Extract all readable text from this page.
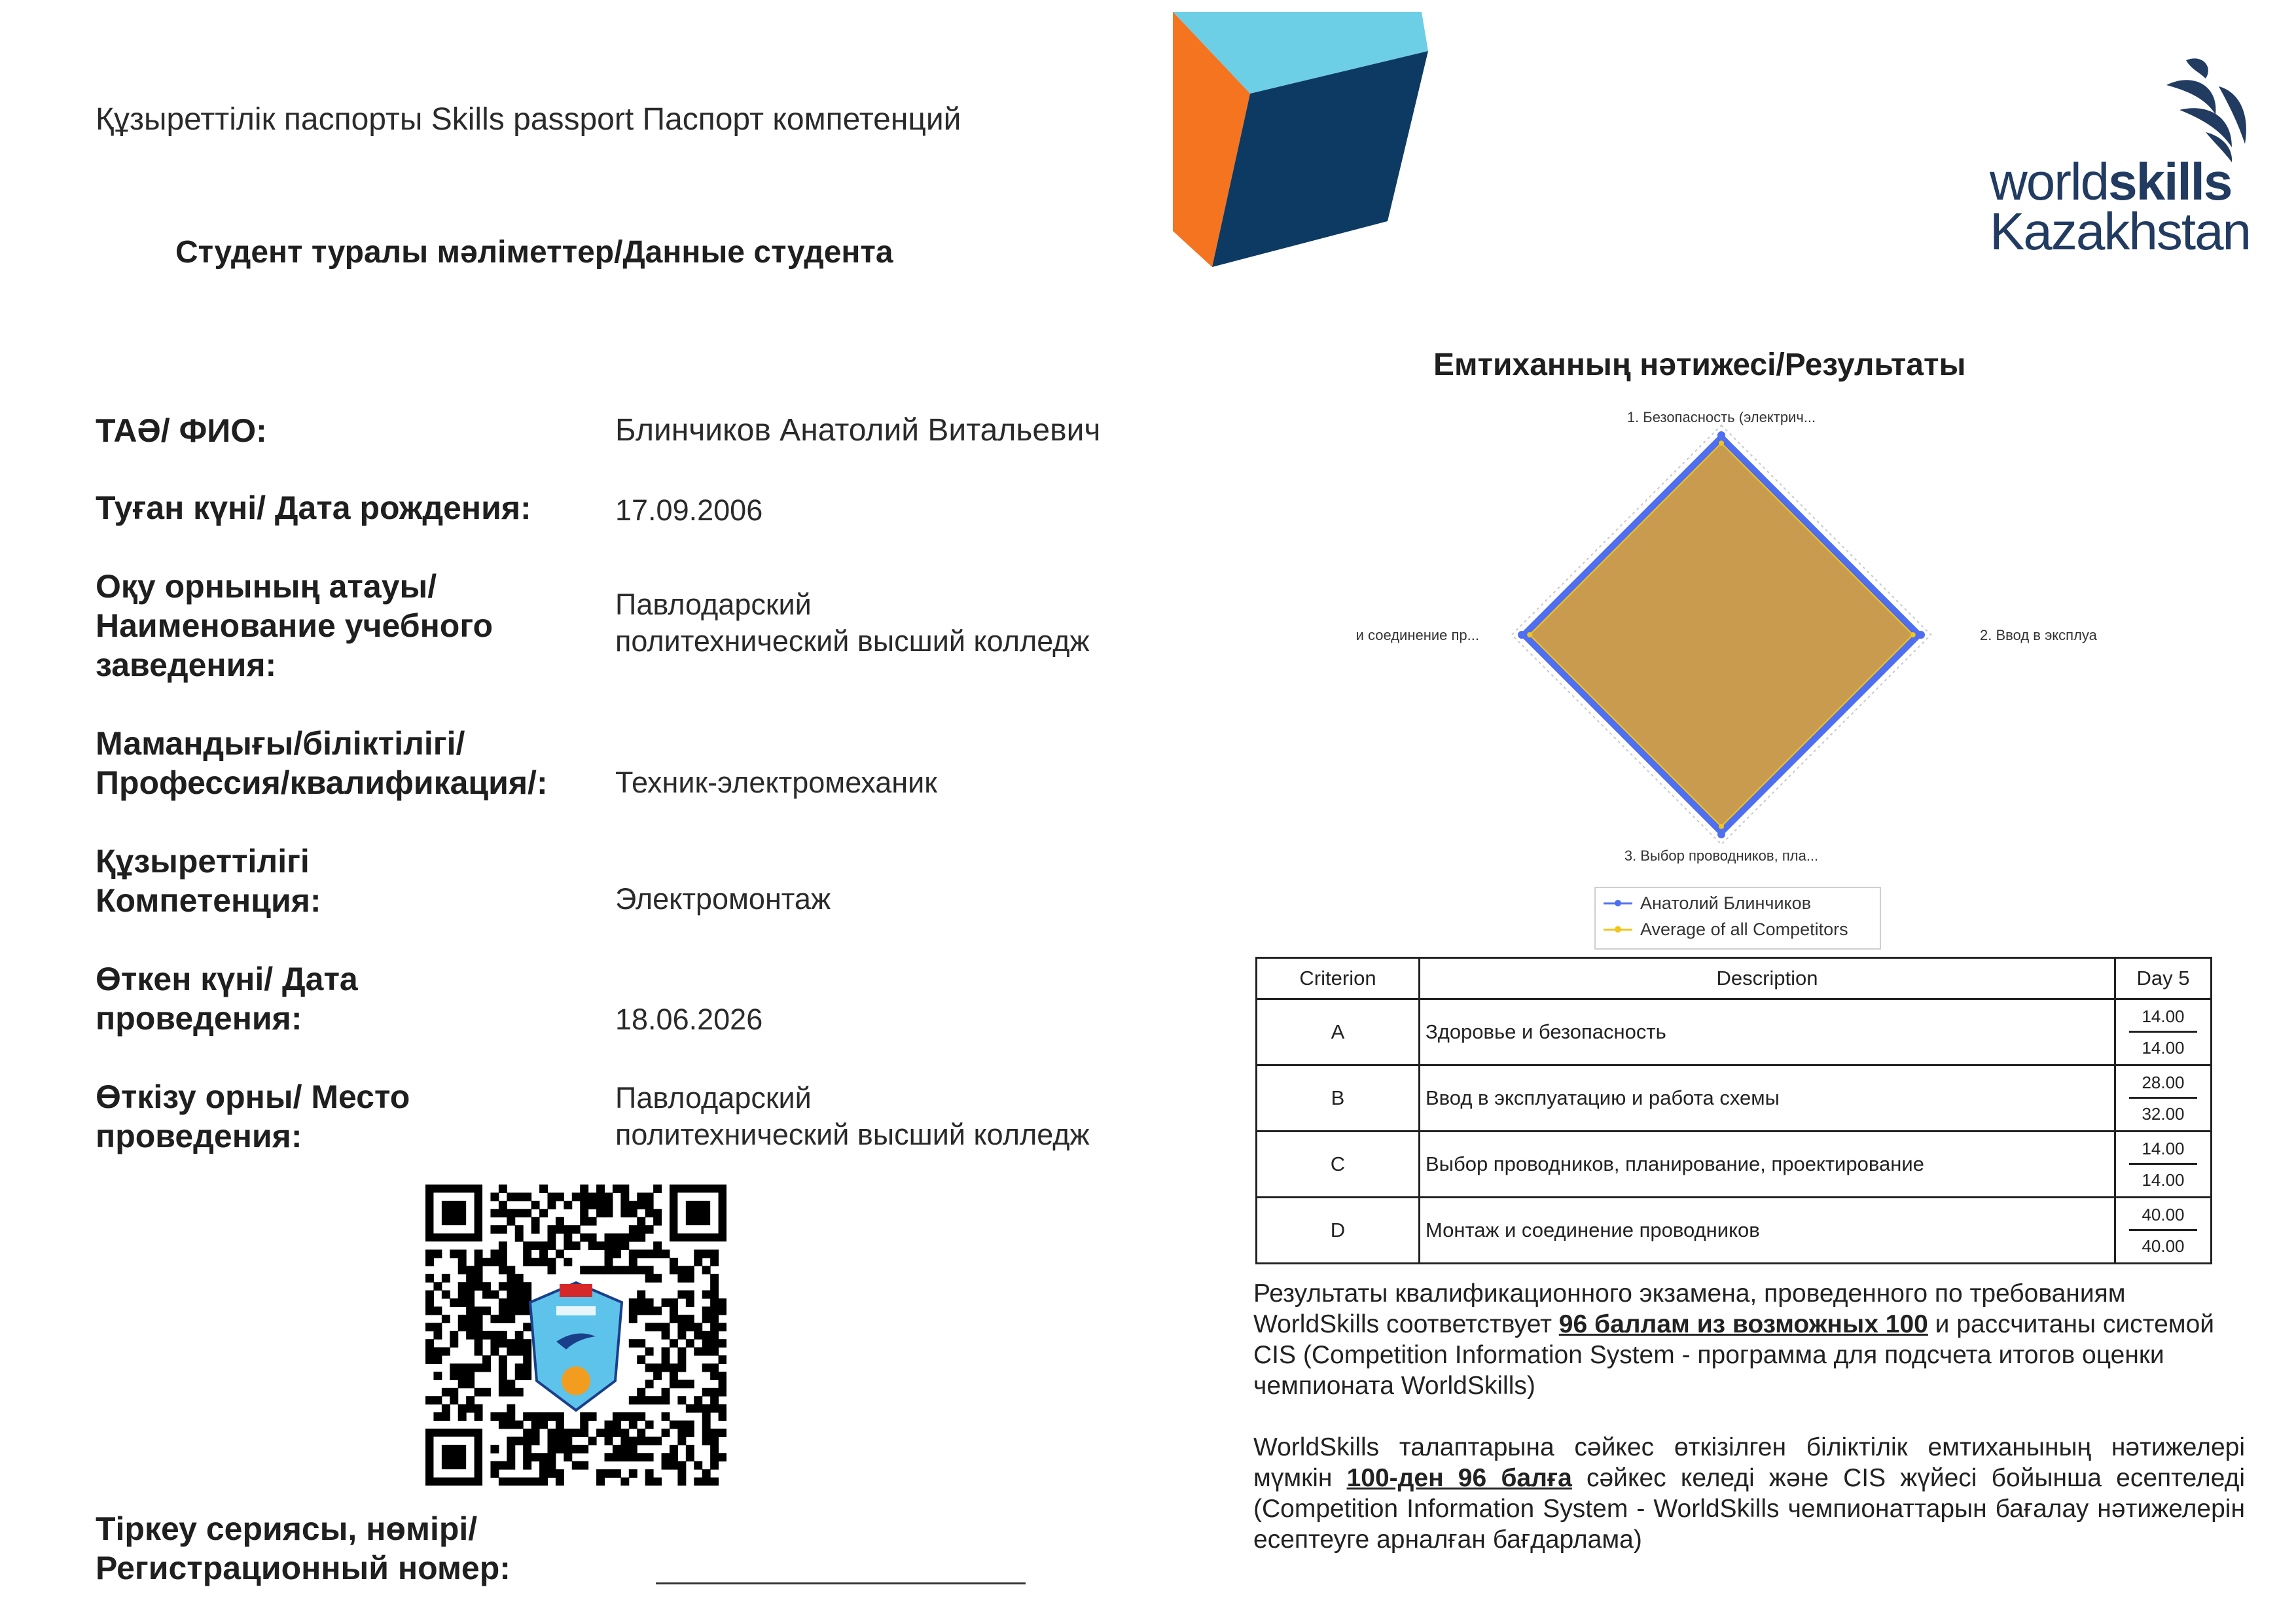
Құзыреттілік паспорты Skills passport Паспорт компетенций
Студент туралы мәліметтер/Данные студента
worldskills
Kazakhstan
ТАӘ/ ФИО:	Блинчиков Анатолий Витальевич
Туған күні/ Дата рождения:	17.09.2006
Оқу орнының атауы/
Наименование учебного
заведения:
Павлодарский
политехнический высший колледж
Мамандығы/біліктілігі/
Профессия/квалификация/: Техник-электромеханик
Құзыреттілігі
Компетенция:	Электромонтаж
Өткен күні/ Дата
проведения:	18.06.2026
Өткізу орны/ Место
проведения:
Павлодарский
политехнический высший колледж
Тіркеу сериясы, нөмірі/
Регистрационный номер:
Емтиханның нәтижесі/Результаты
1. Безопасность (электрич...
2. Ввод в эксплуа
3. Выбор проводников, пла...
и соединение пр...
Анатолий Блинчиков
Average of all Competitors
Criterion	Description	Day 5
A	Здоровье и безопасность	14.00
14.00

B	Ввод в эксплуатацию и работа схемы	28.00
32.00

C	Выбор проводников, планирование, проектирование	14.00
14.00

D	Монтаж и соединение проводников	40.00
40.00
Результаты квалификационного экзамена, проведенного по требованиям WorldSkills соответствует 96 баллам из возможных 100 и рассчитаны системой CIS (Competition Information System - программа для подсчета итогов оценки чемпионата WorldSkills)
WorldSkills талаптарына сәйкес өткізілген біліктілік емтиханының нәтижелері мүмкін 100-ден 96 балға сәйкес келеді және CIS жүйесі бойынша есептеледі (Competition Information System - WorldSkills чемпионаттарын бағалау нәтижелерін есептеуге арналған бағдарлама)
